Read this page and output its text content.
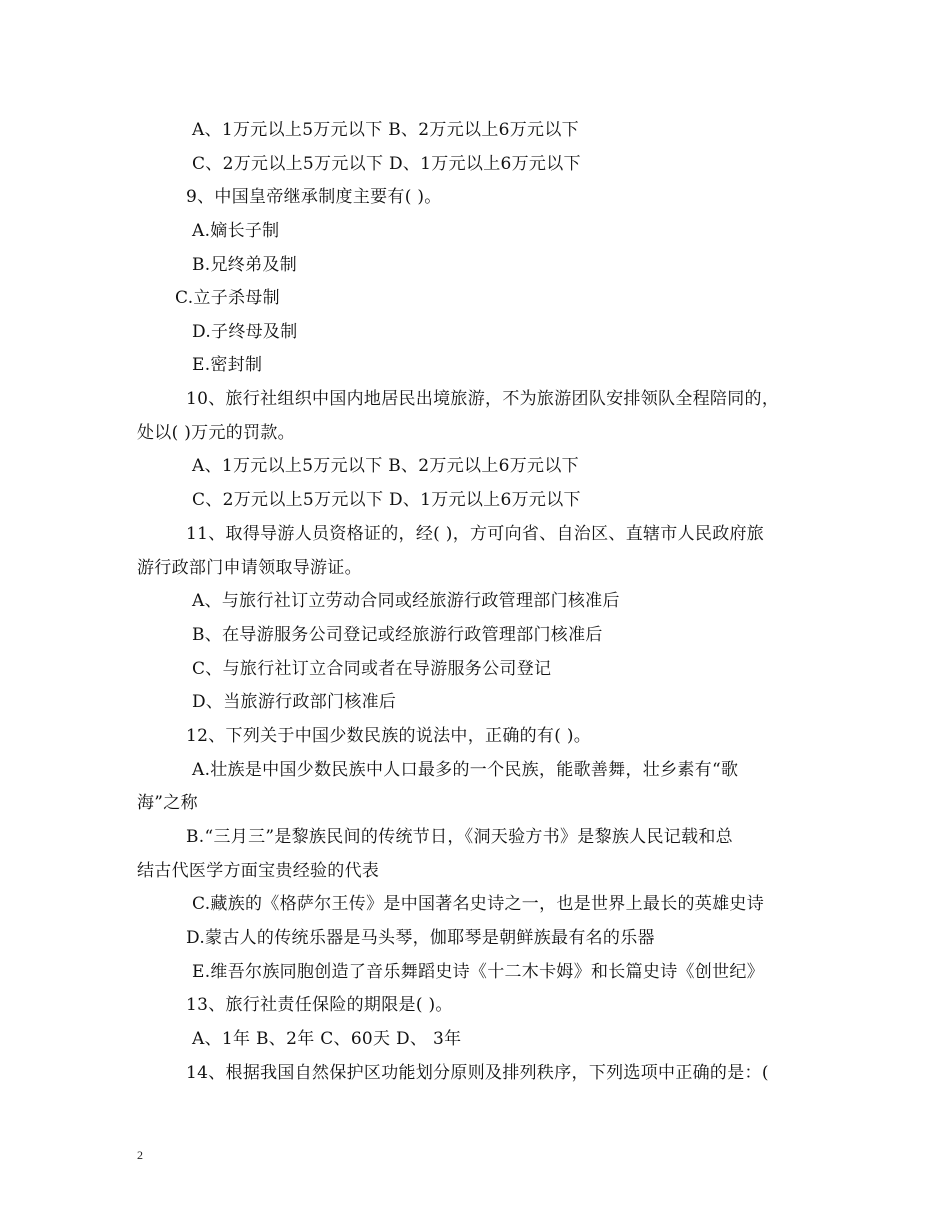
A、1万元以上5万元以下 B、2万元以上6万元以下
C、2万元以上5万元以下 D、1万元以上6万元以下
9、中国皇帝继承制度主要有( )。
A.嫡长子制
B.兄终弟及制
C.立子杀母制
D.子终母及制
E.密封制
10、旅行社组织中国内地居民出境旅游，不为旅游团队安排领队全程陪同的，
处以( )万元的罚款。
A、1万元以上5万元以下 B、2万元以上6万元以下
C、2万元以上5万元以下 D、1万元以上6万元以下
11、取得导游人员资格证的，经( )，方可向省、自治区、直辖市人民政府旅
游行政部门申请领取导游证。
A、与旅行社订立劳动合同或经旅游行政管理部门核准后
B、在导游服务公司登记或经旅游行政管理部门核准后
C、与旅行社订立合同或者在导游服务公司登记
D、当旅游行政部门核准后
12、下列关于中国少数民族的说法中，正确的有( )。
A.壮族是中国少数民族中人口最多的一个民族，能歌善舞，壮乡素有“歌
海”之称
B.“三月三”是黎族民间的传统节日，《洞天验方书》是黎族人民记载和总
结古代医学方面宝贵经验的代表
C.藏族的《格萨尔王传》是中国著名史诗之一，也是世界上最长的英雄史诗
D.蒙古人的传统乐器是马头琴，伽耶琴是朝鲜族最有名的乐器
E.维吾尔族同胞创造了音乐舞蹈史诗《十二木卡姆》和长篇史诗《创世纪》
13、旅行社责任保险的期限是( )。
A、1年 B、2年 C、60天 D、 3年
14、根据我国自然保护区功能划分原则及排列秩序，下列选项中正确的是：(
2
